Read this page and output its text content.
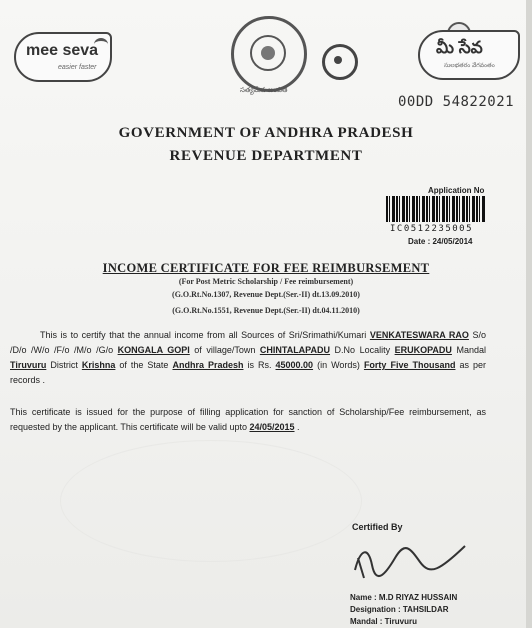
mee seva
easier faster
సత్యమేవ జయతే
మీ సేవ
సులభతరం వేగవంతం
00DD 54822021
GOVERNMENT OF ANDHRA PRADESH
REVENUE DEPARTMENT
Application No
IC0512235005
Date : 24/05/2014
INCOME CERTIFICATE FOR FEE REIMBURSEMENT
(For Post Metric Scholarship / Fee reimbursement)
(G.O.Rt.No.1307, Revenue Dept.(Ser.-II) dt.13.09.2010)
(G.O.Rt.No.1551, Revenue Dept.(Ser.-II) dt.04.11.2010)
This is to certify that the annual income from all Sources of Sri/Srimathi/Kumari VENKATESWARA RAO S/o /D/o /W/o /F/o /M/o /G/o KONGALA GOPI of village/Town CHINTALAPADU D.No Locality ERUKOPADU Mandal Tiruvuru District Krishna of the State Andhra Pradesh is Rs. 45000.00 (in Words) Forty Five Thousand as per records .
This certificate is issued for the purpose of filling application for sanction of Scholarship/Fee reimbursement, as requested by the applicant. This certificate will be valid upto 24/05/2015 .
Certified By
Name : M.D RIYAZ HUSSAIN
Designation : TAHSILDAR
Mandal : Tiruvuru
